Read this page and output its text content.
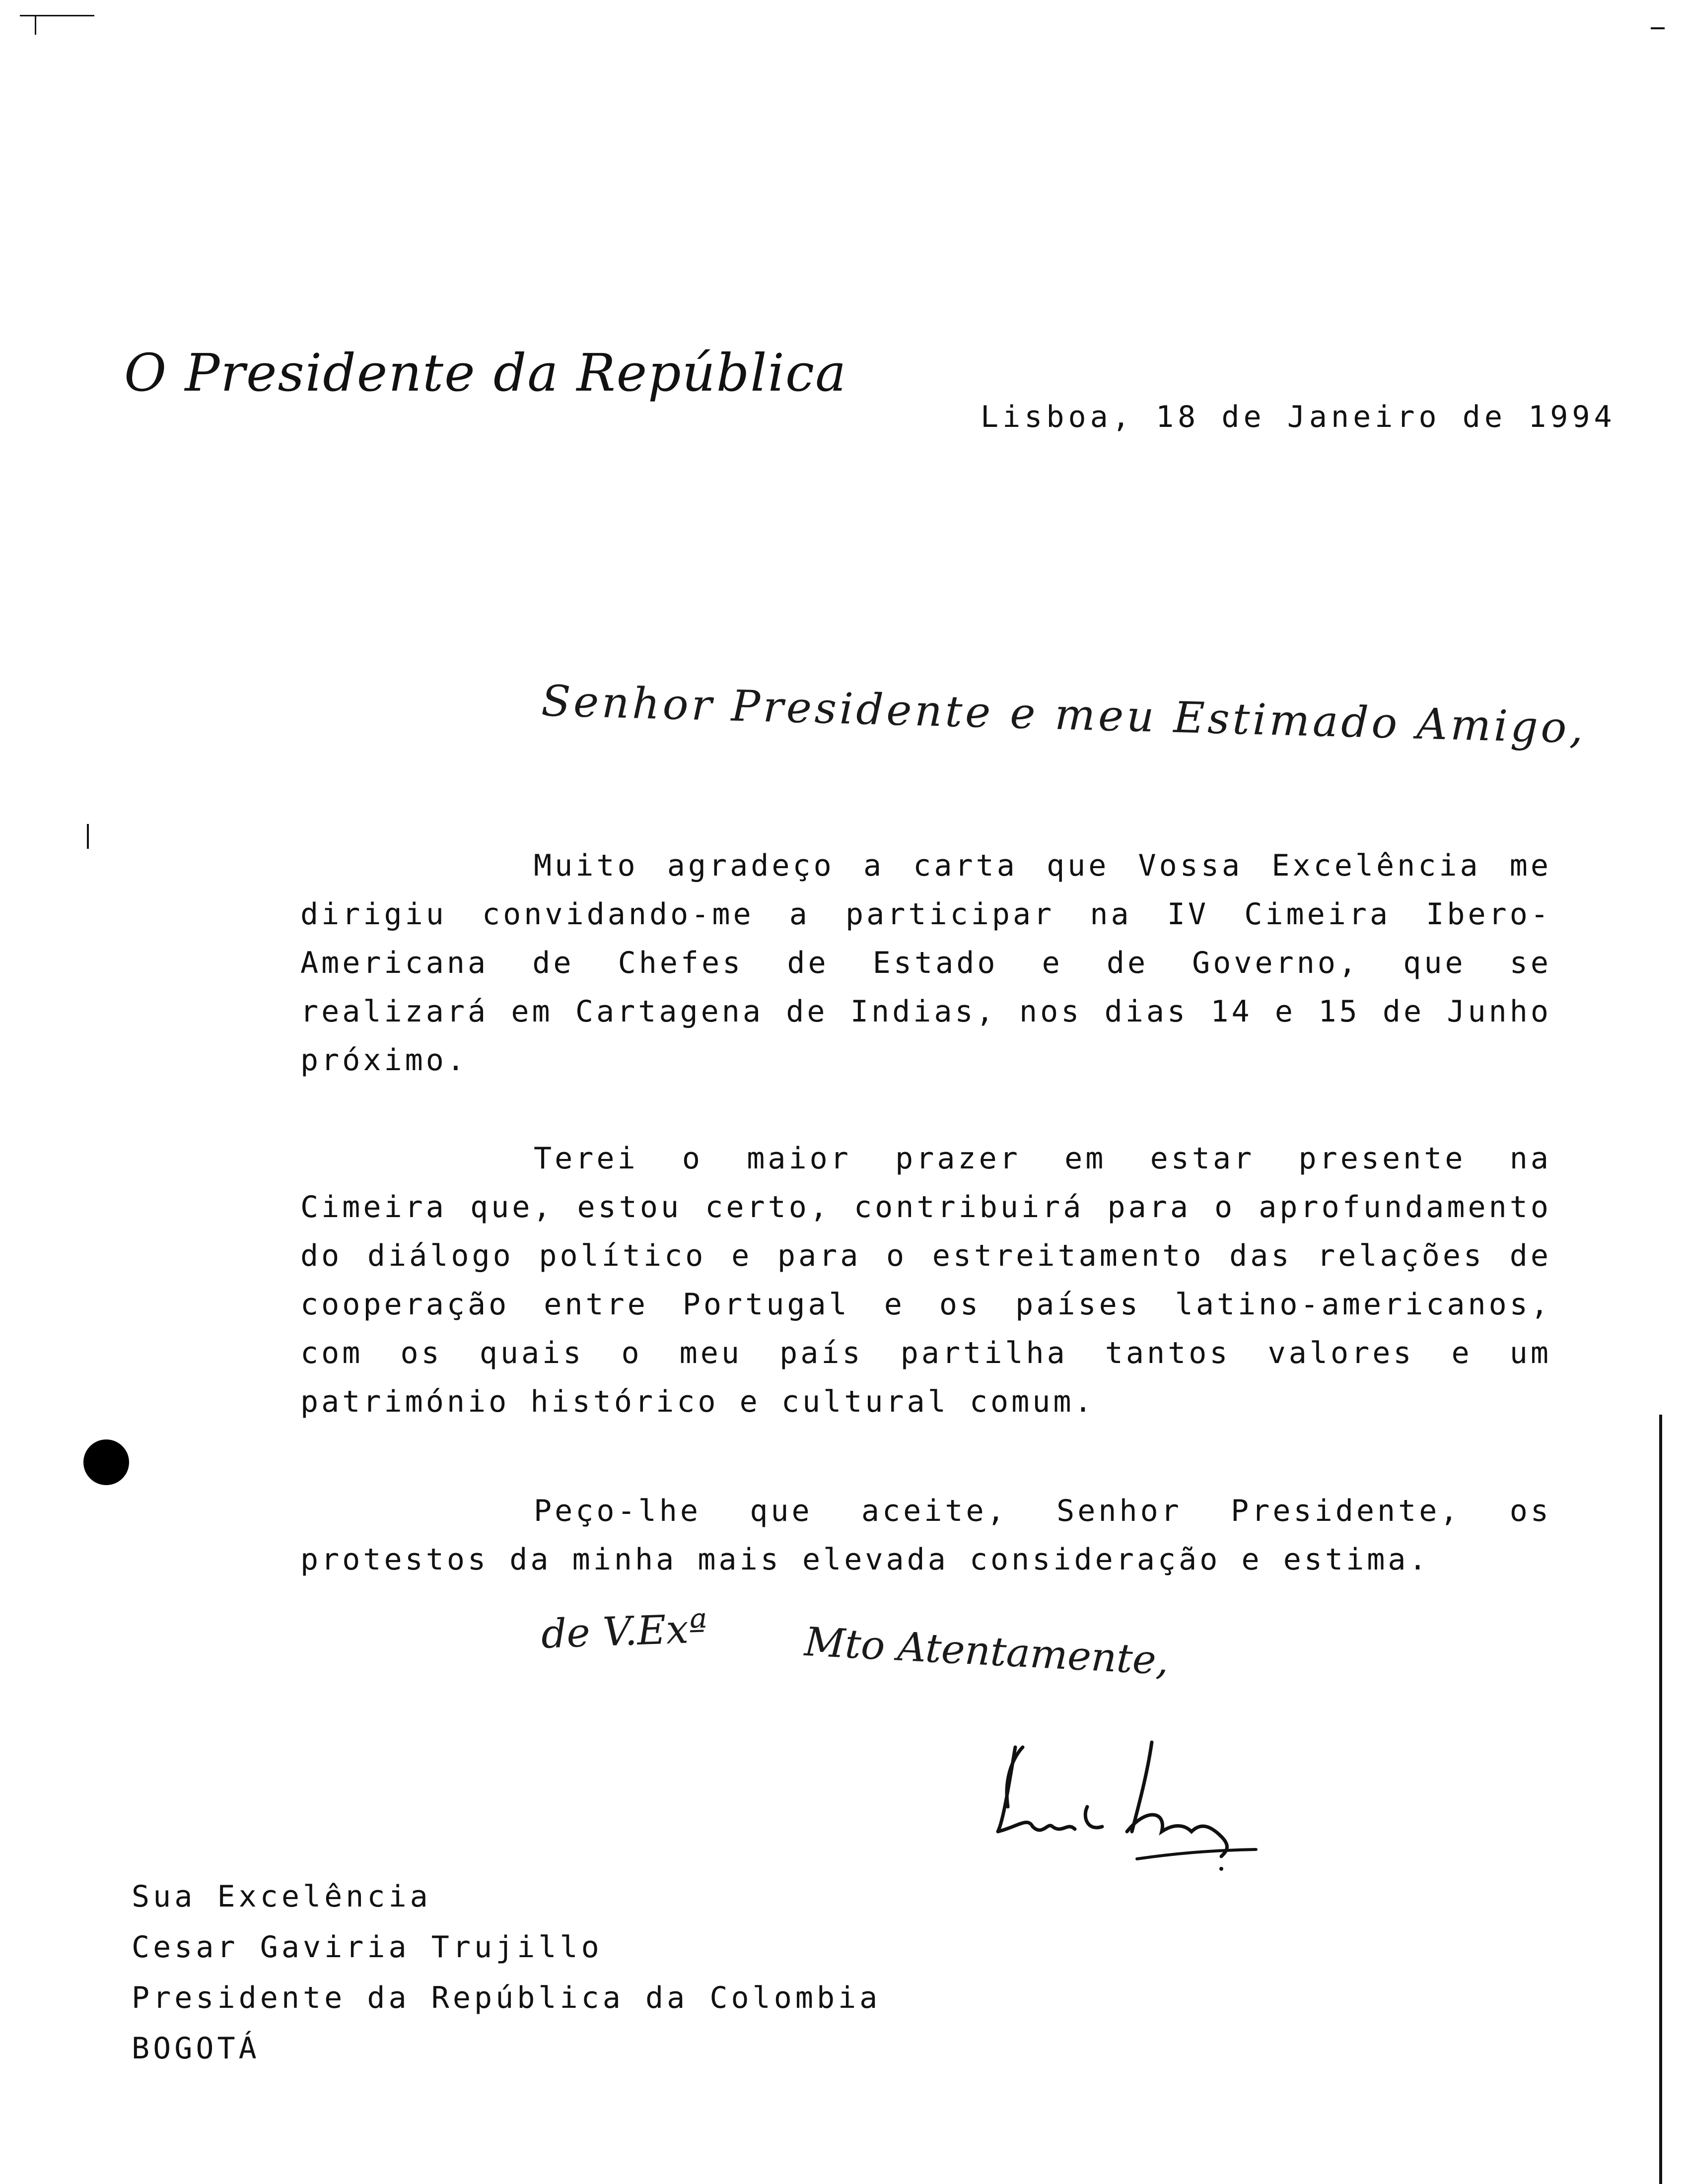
O Presidente da República
Lisboa, 18 de Janeiro de 1994
Senhor Presidente e meu Estimado Amigo,
Muito agradeço a carta que Vossa Excelência me dirigiu convidando-me a participar na IV Cimeira Ibero-Americana de Chefes de Estado e de Governo, que se realizará em Cartagena de Indias, nos dias 14 e 15 de Junho próximo.
Terei o maior prazer em estar presente na Cimeira que, estou certo, contribuirá para o aprofundamento do diálogo político e para o estreitamento das relações de cooperação entre Portugal e os países latino-americanos, com os quais o meu país partilha tantos valores e um património histórico e cultural comum.
Peço-lhe que aceite, Senhor Presidente, os protestos da minha mais elevada consideração e estima.
de V.Exª Mto Atentamente,
Sua Excelência
Cesar Gaviria Trujillo
Presidente da República da Colombia
BOGOTÁ
